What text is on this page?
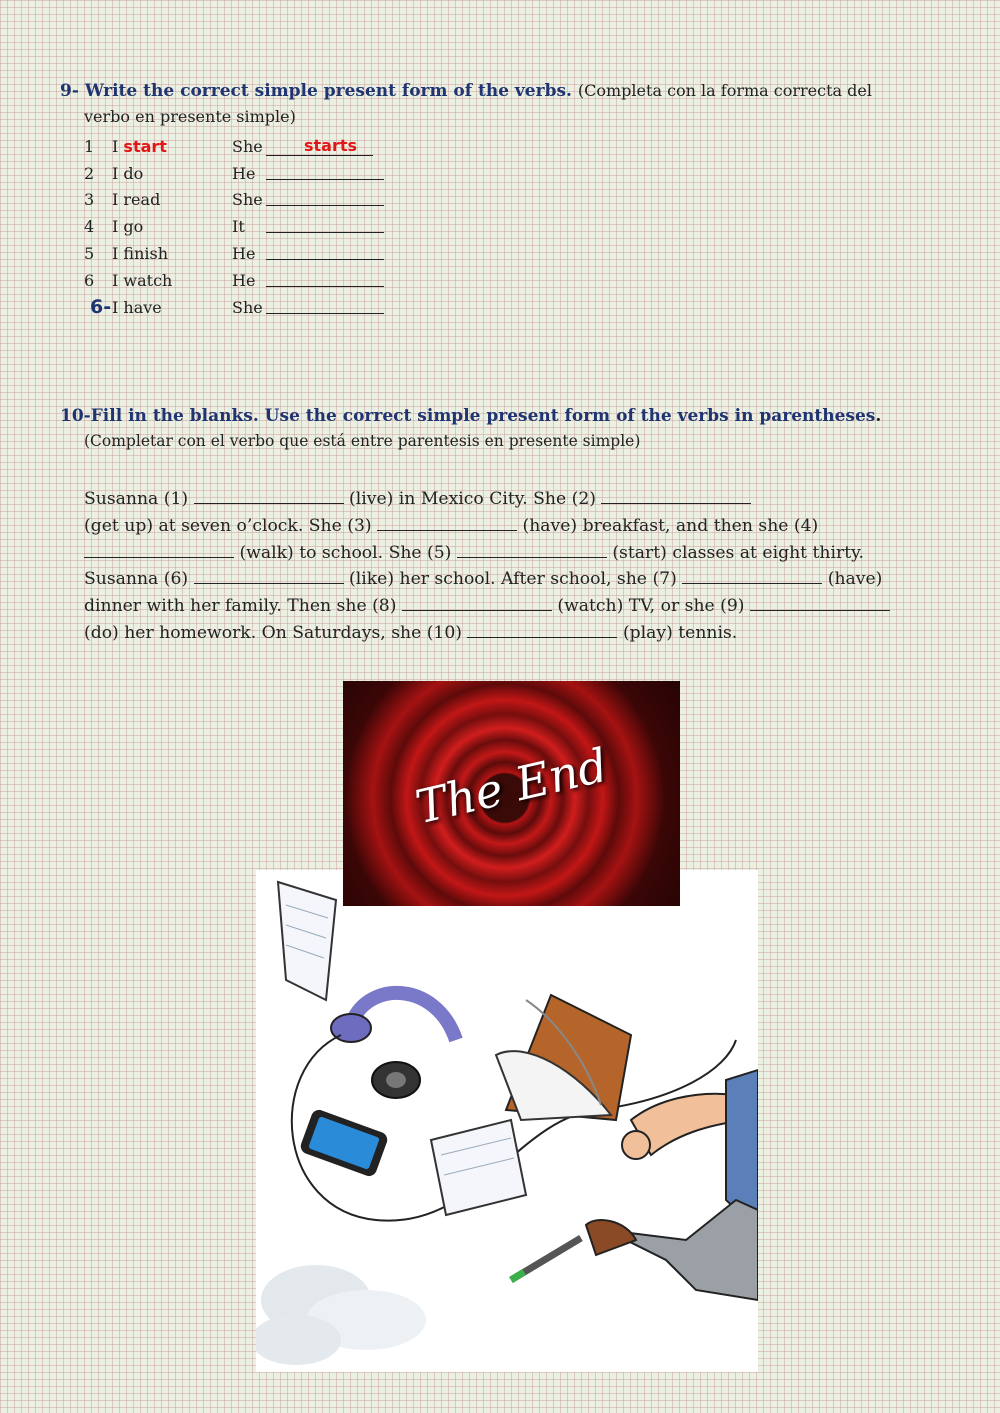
9- Write the correct simple present form of the verbs. (Completa con la forma correcta del
verbo en presente simple)
1	I start	She	starts
2	I do	He	
3	I read	She	
4	I go	It	
5	I finish	He	
6	I watch	He	
6-	I have	She	
10-Fill in the blanks. Use the correct simple present form of the verbs in parentheses.
(Completar con el verbo que está entre parentesis en presente simple)
Susanna (1)	(live) in Mexico City. She (2)
(get up) at seven o’clock. She (3)	(have) breakfast, and then she (4)
(walk) to school. She (5)	(start) classes at eight thirty.
Susanna (6)	(like) her school. After school, she (7)	(have)
dinner with her family. Then she (8)	(watch) TV, or she (9)
(do) her homework. On Saturdays, she (10)	(play) tennis.
The End
